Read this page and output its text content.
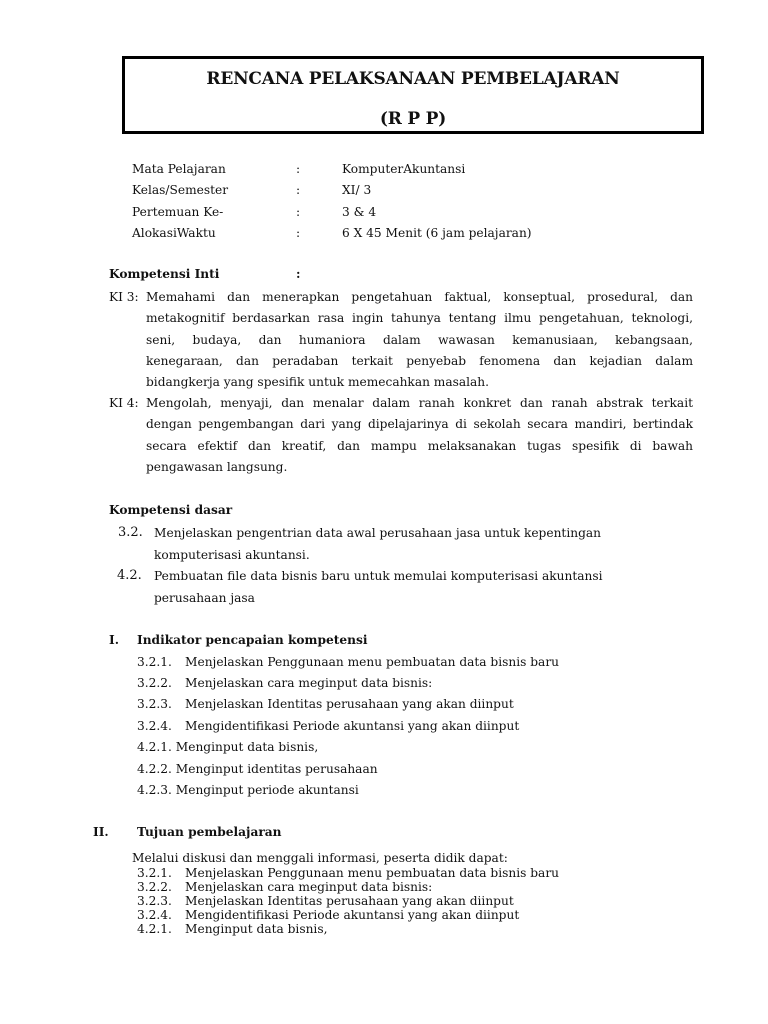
RENCANA PELAKSANAAN PEMBELAJARAN
(R P P)
Mata Pelajaran	:	KomputerAkuntansi
Kelas/Semester	:	XI/ 3
Pertemuan Ke-	:	3 & 4
AlokasiWaktu	:	6 X 45 Menit (6 jam pelajaran)
Kompetensi Inti	:
KI 3: Memahami dan menerapkan pengetahuan faktual, konseptual, prosedural, dan
metakognitif berdasarkan rasa ingin tahunya tentang ilmu pengetahuan, teknologi,
seni, budaya, dan humaniora dalam wawasan kemanusiaan, kebangsaan,
kenegaraan, dan peradaban terkait penyebab fenomena dan kejadian dalam
bidangkerja yang spesifik untuk memecahkan masalah.
KI 4: Mengolah, menyaji, dan menalar dalam ranah konkret dan ranah abstrak terkait
dengan pengembangan dari yang dipelajarinya di sekolah secara mandiri, bertindak
secara efektif dan kreatif, dan mampu melaksanakan tugas spesifik di bawah
pengawasan langsung.
Kompetensi dasar
3.2. Menjelaskan pengentrian data awal perusahaan jasa untuk kepentingan
komputerisasi akuntansi.
4.2. Pembuatan file data bisnis baru untuk memulai komputerisasi akuntansi
perusahaan jasa
I. Indikator pencapaian kompetensi
3.2.1. Menjelaskan Penggunaan menu pembuatan data bisnis baru
3.2.2. Menjelaskan cara meginput data bisnis:
3.2.3. Menjelaskan Identitas perusahaan yang akan diinput
3.2.4. Mengidentifikasi Periode akuntansi yang akan diinput
4.2.1. Menginput data bisnis,
4.2.2. Menginput identitas perusahaan
4.2.3. Menginput periode akuntansi
II. Tujuan pembelajaran
Melalui diskusi dan menggali informasi, peserta didik dapat:
3.2.1. Menjelaskan Penggunaan menu pembuatan data bisnis baru
3.2.2. Menjelaskan cara meginput data bisnis:
3.2.3. Menjelaskan Identitas perusahaan yang akan diinput
3.2.4. Mengidentifikasi Periode akuntansi yang akan diinput
4.2.1. Menginput data bisnis,
